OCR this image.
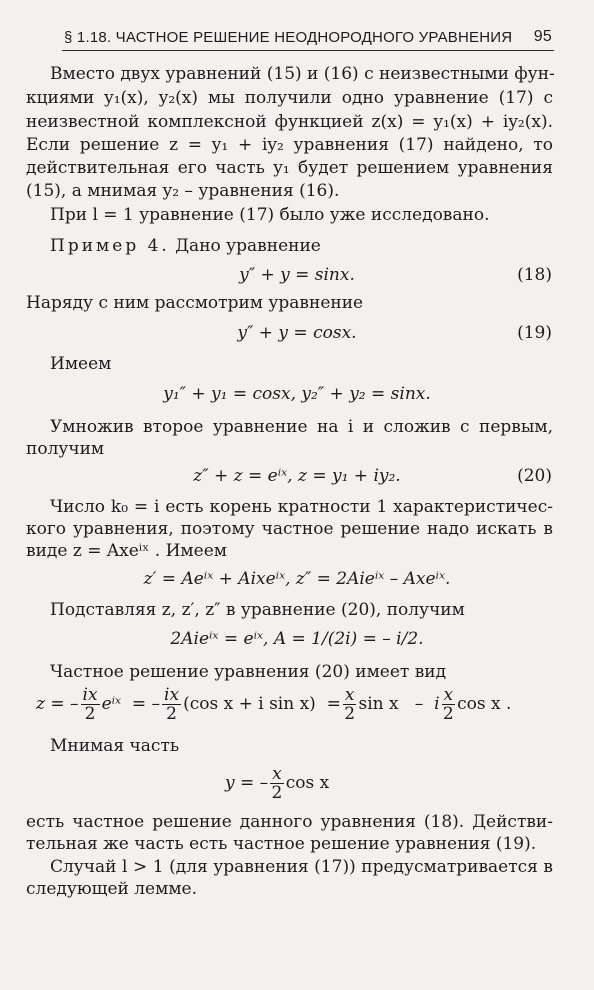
§ 1.18. ЧАСТНОЕ РЕШЕНИЕ НЕОДНОРОДНОГО УРАВНЕНИЯ 95
Вместо двух уравнений (15) и (16) с неизвестными фун-
кциями y₁(x), y₂(x) мы получили одно уравнение (17) с
неизвестной комплексной функцией z(x) = y₁(x) + iy₂(x).
Если решение z = y₁ + iy₂ уравнения (17) найдено, то
действительная его часть y₁ будет решением уравнения
(15), а мнимая y₂ – уравнения (16).
При l = 1 уравнение (17) было уже исследовано.
Пример 4. Дано уравнение
y″ + y = sinx.	(18)
Наряду с ним рассмотрим уравнение
y″ + y = cosx.	(19)
Имеем
y₁″ + y₁ = cosx, y₂″ + y₂ = sinx.
Умножив второе уравнение на i и сложив с первым,
получим
z″ + z = eⁱˣ, z = y₁ + iy₂.	(20)
Число k₀ = i есть корень кратности 1 характеристичес-
кого уравнения, поэтому частное решение надо искать в
виде z = Axeⁱˣ . Имеем
z′ = Aeⁱˣ + Aixeⁱˣ, z″ = 2Aieⁱˣ – Axeⁱˣ.
Подставляя z, z′, z″ в уравнение (20), получим
2Aieⁱˣ = eⁱˣ, A = 1/(2i) = – i/2.
Частное решение уравнения (20) имеет вид
z = – $\frac{ix}{2}$ eⁱˣ = – $\frac{ix}{2} (\cos$ x + i $\sin x) = \frac{x}{2}$ sin x – i $\frac{x}{2}$ cos x .
Мнимая часть
y = – $\frac{x}{2}$ cos x
есть частное решение данного уравнения (18). Действи-
тельная же часть есть частное решение уравнения (19).
Случай l > 1 (для уравнения (17)) предусматривается в
следующей лемме.
